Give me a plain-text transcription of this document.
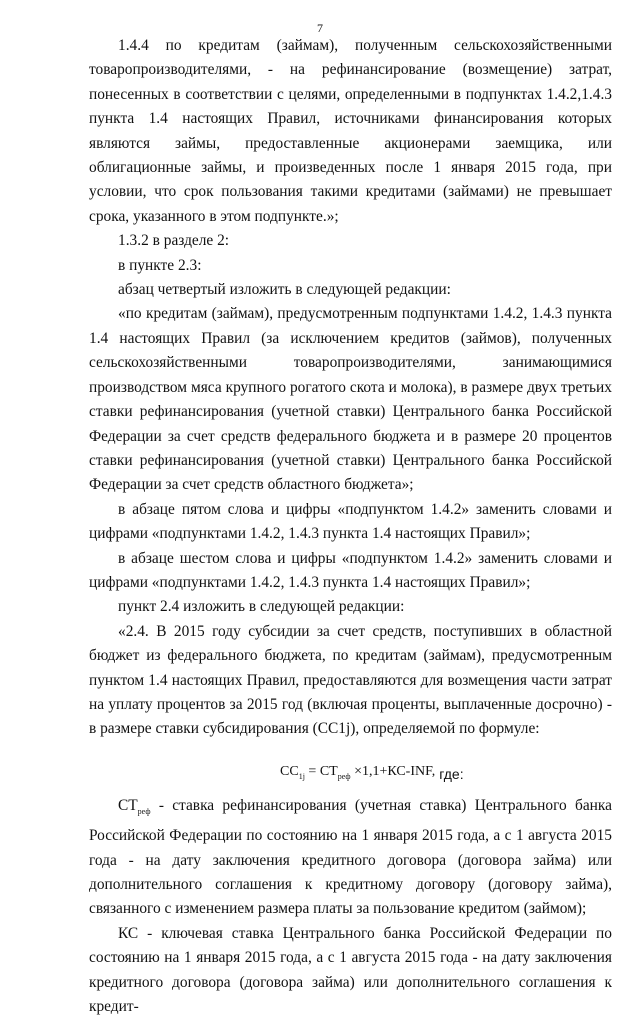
7

1.4.4 по кредитам (займам), полученным сельскохозяйственными товаропроизводителями, - на рефинансирование (возмещение) затрат, понесенных в соответствии с целями, определенными в подпунктах 1.4.2,1.4.3 пункта 1.4 настоящих Правил, источниками финансирования которых являются займы, предоставленные акционерами заемщика, или облигационные займы, и произведенных после 1 января 2015 года, при условии, что срок пользования такими кредитами (займами) не превышает срока, указанного в этом подпункте.»;

1.3.2 в разделе 2:

в пункте 2.3:

абзац четвертый изложить в следующей редакции:

«по кредитам (займам), предусмотренным подпунктами 1.4.2, 1.4.3 пункта 1.4 настоящих Правил (за исключением кредитов (займов), полученных сельскохозяйственными товаропроизводителями, занимающимися производством мяса крупного рогатого скота и молока), в размере двух третьих ставки рефинансирования (учетной ставки) Центрального банка Российской Федерации за счет средств федерального бюджета и в размере 20 процентов ставки рефинансирования (учетной ставки) Центрального банка Российской Федерации за счет средств областного бюджета»;

в абзаце пятом слова и цифры «подпунктом 1.4.2» заменить словами и цифрами «подпунктами 1.4.2, 1.4.3 пункта 1.4 настоящих Правил»;

в абзаце шестом слова и цифры «подпунктом 1.4.2» заменить словами и цифрами «подпунктами 1.4.2, 1.4.3 пункта 1.4 настоящих Правил»;

пункт 2.4 изложить в следующей редакции:

«2.4. В 2015 году субсидии за счет средств, поступивших в областной бюджет из федерального бюджета, по кредитам (займам), предусмотренным пунктом 1.4 настоящих Правил, предоставляются для возмещения части затрат на уплату процентов за 2015 год (включая проценты, выплаченные досрочно) - в размере ставки субсидирования (СС1j), определяемой по формуле:

$СС_{1j} = СТ_{реф} \times 1,1+КС-INF$, где:

$СТ_{реф}$ - ставка рефинансирования (учетная ставка) Центрального банка Российской Федерации по состоянию на 1 января 2015 года, а с 1 августа 2015 года - на дату заключения кредитного договора (договора займа) или дополнительного соглашения к кредитному договору (договору займа), связанного с изменением размера платы за пользование кредитом (займом);

КС - ключевая ставка Центрального банка Российской Федерации по состоянию на 1 января 2015 года, а с 1 августа 2015 года - на дату заключения кредитного договора (договора займа) или дополнительного соглашения к кредит-
